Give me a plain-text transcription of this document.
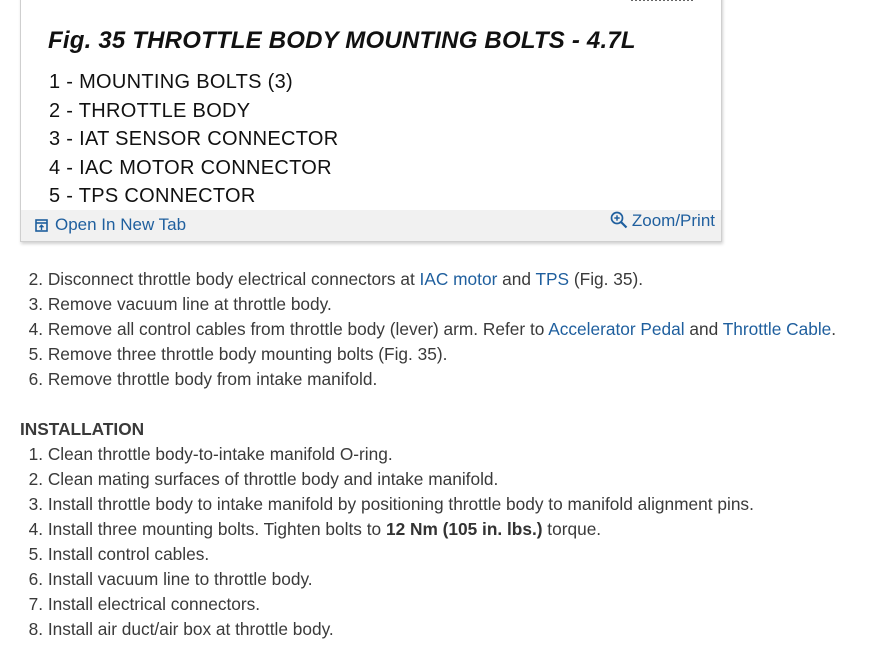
Fig. 35 THROTTLE BODY MOUNTING BOLTS - 4.7L
1 - MOUNTING BOLTS (3)
2 - THROTTLE BODY
3 - IAT SENSOR CONNECTOR
4 - IAC MOTOR CONNECTOR
5 - TPS CONNECTOR
Open In New Tab	Zoom/Print
2. Disconnect throttle body electrical connectors at IAC motor and TPS (Fig. 35).
3. Remove vacuum line at throttle body.
4. Remove all control cables from throttle body (lever) arm. Refer to Accelerator Pedal and Throttle Cable.
5. Remove three throttle body mounting bolts (Fig. 35).
6. Remove throttle body from intake manifold.
INSTALLATION
1. Clean throttle body-to-intake manifold O-ring.
2. Clean mating surfaces of throttle body and intake manifold.
3. Install throttle body to intake manifold by positioning throttle body to manifold alignment pins.
4. Install three mounting bolts. Tighten bolts to 12 Nm (105 in. lbs.) torque.
5. Install control cables.
6. Install vacuum line to throttle body.
7. Install electrical connectors.
8. Install air duct/air box at throttle body.
